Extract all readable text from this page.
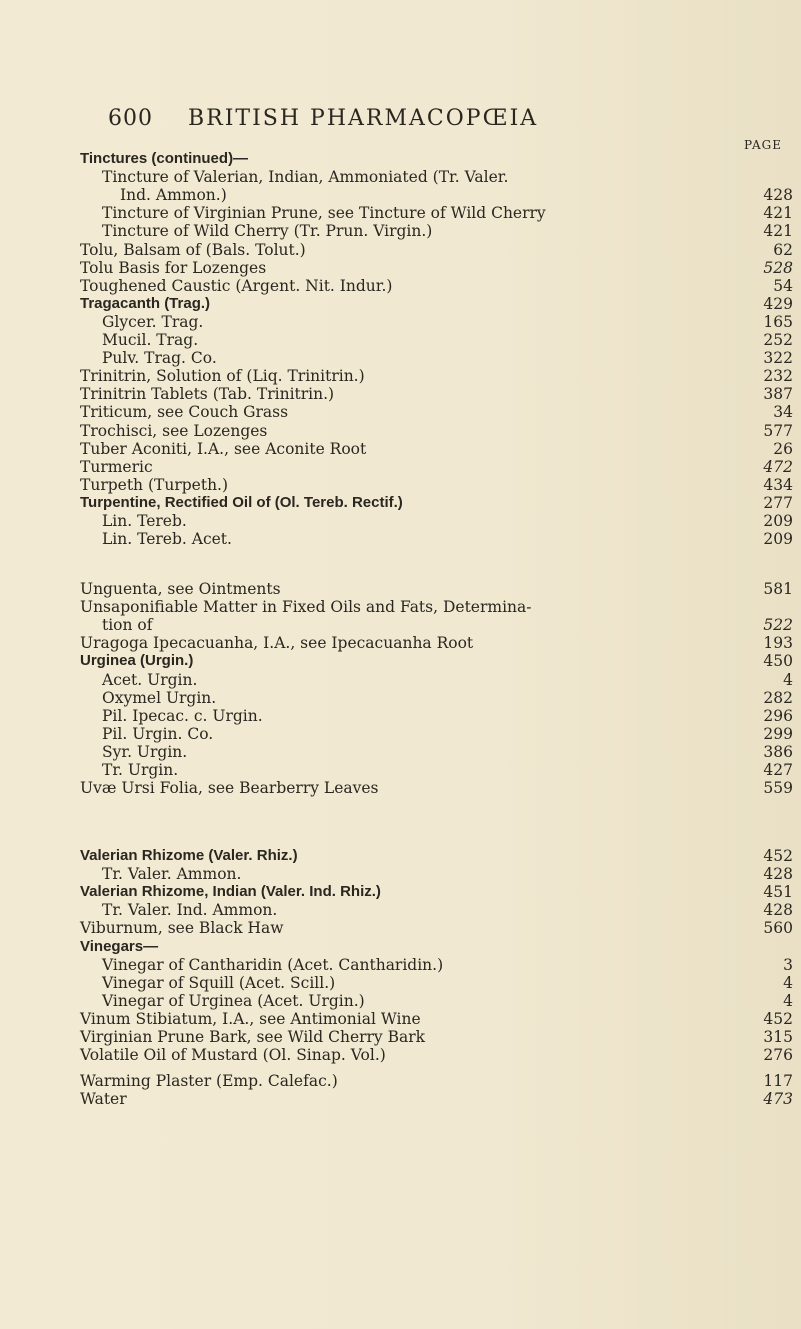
600 BRITISH PHARMACOPŒIA
PAGE
Tinctures (continued)—
Tincture of Valerian, Indian, Ammoniated (Tr. Valer.
Ind. Ammon.)	428
Tincture of Virginian Prune, see Tincture of Wild Cherry	421
Tincture of Wild Cherry (Tr. Prun. Virgin.)	421
Tolu, Balsam of (Bals. Tolut.)	62
Tolu Basis for Lozenges	528
Toughened Caustic (Argent. Nit. Indur.)	54
Tragacanth (Trag.)	429
Glycer. Trag.	165
Mucil. Trag.	252
Pulv. Trag. Co.	322
Trinitrin, Solution of (Liq. Trinitrin.)	232
Trinitrin Tablets (Tab. Trinitrin.)	387
Triticum, see Couch Grass	34
Trochisci, see Lozenges	577
Tuber Aconiti, I.A., see Aconite Root	26
Turmeric	472
Turpeth (Turpeth.)	434
Turpentine, Rectified Oil of (Ol. Tereb. Rectif.)	277
Lin. Tereb.	209
Lin. Tereb. Acet.	209
Unguenta, see Ointments	581
Unsaponifiable Matter in Fixed Oils and Fats, Determina-
tion of	522
Uragoga Ipecacuanha, I.A., see Ipecacuanha Root	193
Urginea (Urgin.)	450
Acet. Urgin.	4
Oxymel Urgin.	282
Pil. Ipecac. c. Urgin.	296
Pil. Urgin. Co.	299
Syr. Urgin.	386
Tr. Urgin.	427
Uvæ Ursi Folia, see Bearberry Leaves	559
Valerian Rhizome (Valer. Rhiz.)	452
Tr. Valer. Ammon.	428
Valerian Rhizome, Indian (Valer. Ind. Rhiz.)	451
Tr. Valer. Ind. Ammon.	428
Viburnum, see Black Haw	560
Vinegars—
Vinegar of Cantharidin (Acet. Cantharidin.)	3
Vinegar of Squill (Acet. Scill.)	4
Vinegar of Urginea (Acet. Urgin.)	4
Vinum Stibiatum, I.A., see Antimonial Wine	452
Virginian Prune Bark, see Wild Cherry Bark	315
Volatile Oil of Mustard (Ol. Sinap. Vol.)	276
Warming Plaster (Emp. Calefac.)	117
Water	473
